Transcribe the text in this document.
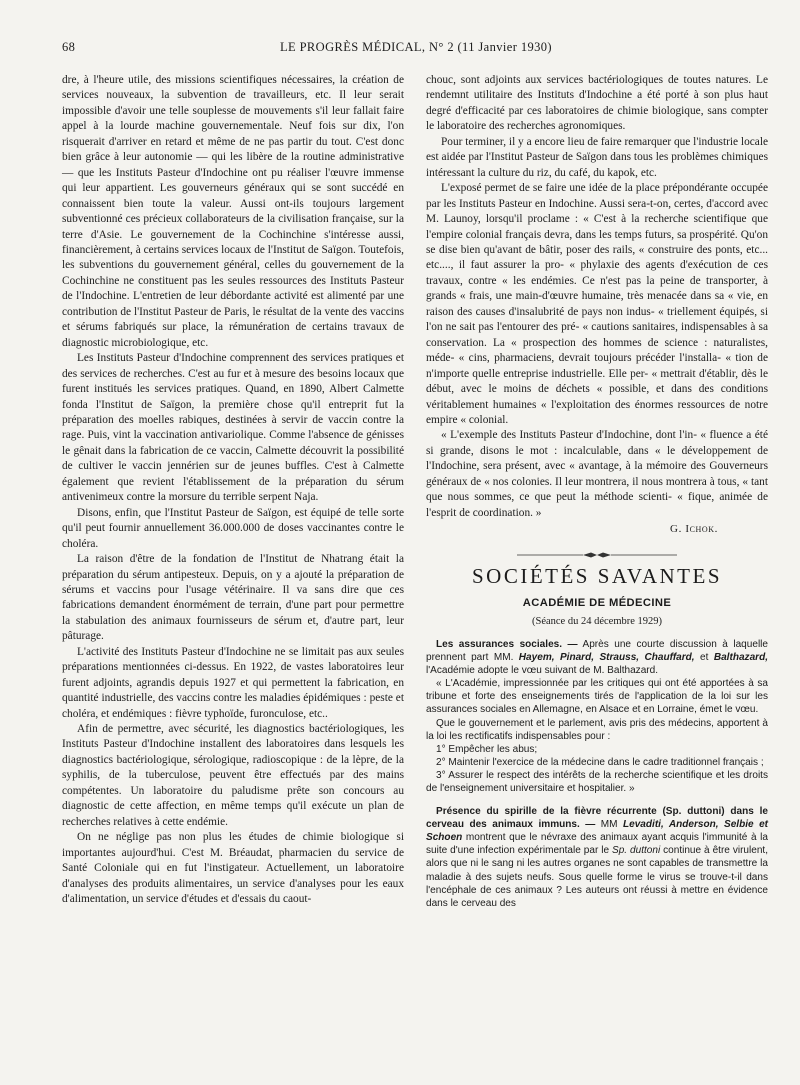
68	LE PROGRÈS MÉDICAL, N° 2 (11 Janvier 1930)

dre, à l'heure utile, des missions scientifiques nécessaires, la création de services nouveaux, la subvention de travailleurs, etc. Il leur serait impossible d'avoir une telle souplesse de mouvements s'il leur fallait faire appel à la lourde machine gouvernementale. Neuf fois sur dix, l'on risquerait d'arriver en retard et même de ne pas partir du tout. C'est donc bien grâce à leur autonomie — qui les libère de la routine administrative — que les Instituts Pasteur d'Indochine ont pu réaliser l'œuvre immense qui leur appartient. Les gouverneurs généraux qui se sont succédé en connaissent bien toute la valeur. Aussi ont-ils toujours largement subventionné ces précieux collaborateurs de la civilisation française, sur la terre d'Asie. Le gouvernement de la Cochinchine s'intéresse aussi, financièrement, à certains services locaux de l'Institut de Saïgon. Toutefois, les subventions du gouvernement général, celles du gouvernement de la Cochinchine ne constituent pas les seules ressources des Instituts Pasteur de l'Indochine. L'entretien de leur débordante activité est alimenté par une contribution de l'Institut Pasteur de Paris, le résultat de la vente des vaccins et sérums fabriqués sur place, la rémunération de certains travaux de diagnostic microbiologique, etc.

Les Instituts Pasteur d'Indochine comprennent des services pratiques et des services de recherches. C'est au fur et à mesure des besoins locaux que furent institués les services pratiques. Quand, en 1890, Albert Calmette fonda l'Institut de Saïgon, la première chose qu'il entreprit fut la préparation des moelles rabiques, destinées à servir de vaccin contre la rage. Puis, vint la vaccination antivariolique. Comme l'absence de génisses le gênait dans la fabrication de ce vaccin, Calmette découvrit la possibilité de cultiver le vaccin jennérien sur de jeunes buffles. C'est à Calmette également que revient l'établissement de la préparation du sérum antivenimeux contre la morsure du terrible serpent Naja.

Disons, enfin, que l'Institut Pasteur de Saïgon, est équipé de telle sorte qu'il peut fournir annuellement 36.000.000 de doses vaccinantes contre le choléra.

La raison d'être de la fondation de l'Institut de Nhatrang était la préparation du sérum antipesteux. Depuis, on y a ajouté la préparation de sérums et vaccins pour l'usage vétérinaire. Il va sans dire que ces fabrications demandent énormément de terrain, d'une part pour permettre la stabulation des animaux fournisseurs de sérum et, d'autre part, leur pâturage.

L'activité des Instituts Pasteur d'Indochine ne se limitait pas aux seules préparations mentionnées ci-dessus. En 1922, de vastes laboratoires leur furent adjoints, agrandis depuis 1927 et qui permettent la fabrication, en quantité industrielle, des vaccins contre les maladies épidémiques : peste et choléra, et endémiques : fièvre typhoïde, furonculose, etc..

Afin de permettre, avec sécurité, les diagnostics bactériologiques, les Instituts Pasteur d'Indochine installent des laboratoires dans lesquels les diagnostics bactériologique, sérologique, radioscopique : de la lèpre, de la syphilis, de la tuberculose, peuvent être effectués par des mains compétentes. Un laboratoire du paludisme prête son concours au diagnostic de cette affection, en même temps qu'il exécute un plan de recherches relatives à cette endémie.

On ne néglige pas non plus les études de chimie biologique si importantes aujourd'hui. C'est M. Bréaudat, pharmacien du service de Santé Coloniale qui en fut l'instigateur. Actuellement, un laboratoire d'analyses des produits alimentaires, un service d'analyses pour les eaux d'alimentation, un service d'études et d'essais du caout-

chouc, sont adjoints aux services bactériologiques de toutes natures. Le rendemnt utilitaire des Instituts d'Indochine a été porté à son plus haut degré d'efficacité par ces laboratoires de chimie biologique, sans compter le laboratoire des recherches agronomiques.

Pour terminer, il y a encore lieu de faire remarquer que l'industrie locale est aidée par l'Institut Pasteur de Saïgon dans tous les problèmes chimiques intéressant la culture du riz, du café, du kapok, etc.

L'exposé permet de se faire une idée de la place prépondérante occupée par les Instituts Pasteur en Indochine. Aussi sera-t-on, certes, d'accord avec M. Launoy, lorsqu'il proclame : « C'est à la recherche scientifique que l'empire colonial français devra, dans les temps futurs, sa prospérité. Qu'on se dise bien qu'avant de bâtir, poser des rails, « construire des ponts, etc... etc...., il faut assurer la pro- « phylaxie des agents d'exécution de ces travaux, contre « les endémies. Ce n'est pas la peine de transporter, à grands « frais, une main-d'œuvre humaine, très menacée dans sa « vie, en raison des causes d'insalubrité de pays non indus- « triellement équipés, si l'on ne sait pas l'entourer des pré- « cautions sanitaires, indispensables à sa conservation. La « prospection des hommes de science : naturalistes, méde- « cins, pharmaciens, devrait toujours précéder l'installa- « tion de n'importe quelle entreprise industrielle. Elle per- « mettrait d'établir, dès le début, avec le moins de déchets « possible, et dans des conditions véritablement humaines « l'exploitation des énormes ressources de notre empire « colonial.

« L'exemple des Instituts Pasteur d'Indochine, dont l'in- « fluence a été si grande, disons le mot : incalculable, dans « le développement de l'Indochine, sera présent, avec « avantage, à la mémoire des Gouverneurs généraux de « nos colonies. Il leur montrera, il nous montrera à tous, « tant que nous sommes, ce que peut la méthode scienti- « fique, animée de l'esprit de coordination. »

G. Ichok.
SOCIÉTÉS SAVANTES
ACADÉMIE DE MÉDECINE
(Séance du 24 décembre 1929)

Les assurances sociales. — Après une courte discussion à laquelle prennent part MM. Hayem, Pinard, Strauss, Chauffard, et Balthazard, l'Académie adopte le vœu suivant de M. Balthazard.

« L'Académie, impressionnée par les critiques qui ont été apportées à sa tribune et forte des enseignements tirés de l'application de la loi sur les assurances sociales en Allemagne, en Alsace et en Lorraine, émet le vœu.

Que le gouvernement et le parlement, avis pris des médecins, apportent à la loi les rectificatifs indispensables pour :

1° Empêcher les abus;

2° Maintenir l'exercice de la médecine dans le cadre traditionnel français ;

3° Assurer le respect des intérêts de la recherche scientifique et les droits de l'enseignement universitaire et hospitalier. »

Présence du spirille de la fièvre récurrente (Sp. duttoni) dans le cerveau des animaux immuns. — MM Levaditi, Anderson, Selbie et Schoen montrent que le névraxe des animaux ayant acquis l'immunité à la suite d'une infection expérimentale par le Sp. duttoni continue à être virulent, alors que ni le sang ni les autres organes ne sont capables de transmettre la maladie à des sujets neufs. Sous quelle forme le virus se trouve-t-il dans l'encéphale de ces animaux ? Les auteurs ont réussi à mettre en évidence dans le cerveau des
